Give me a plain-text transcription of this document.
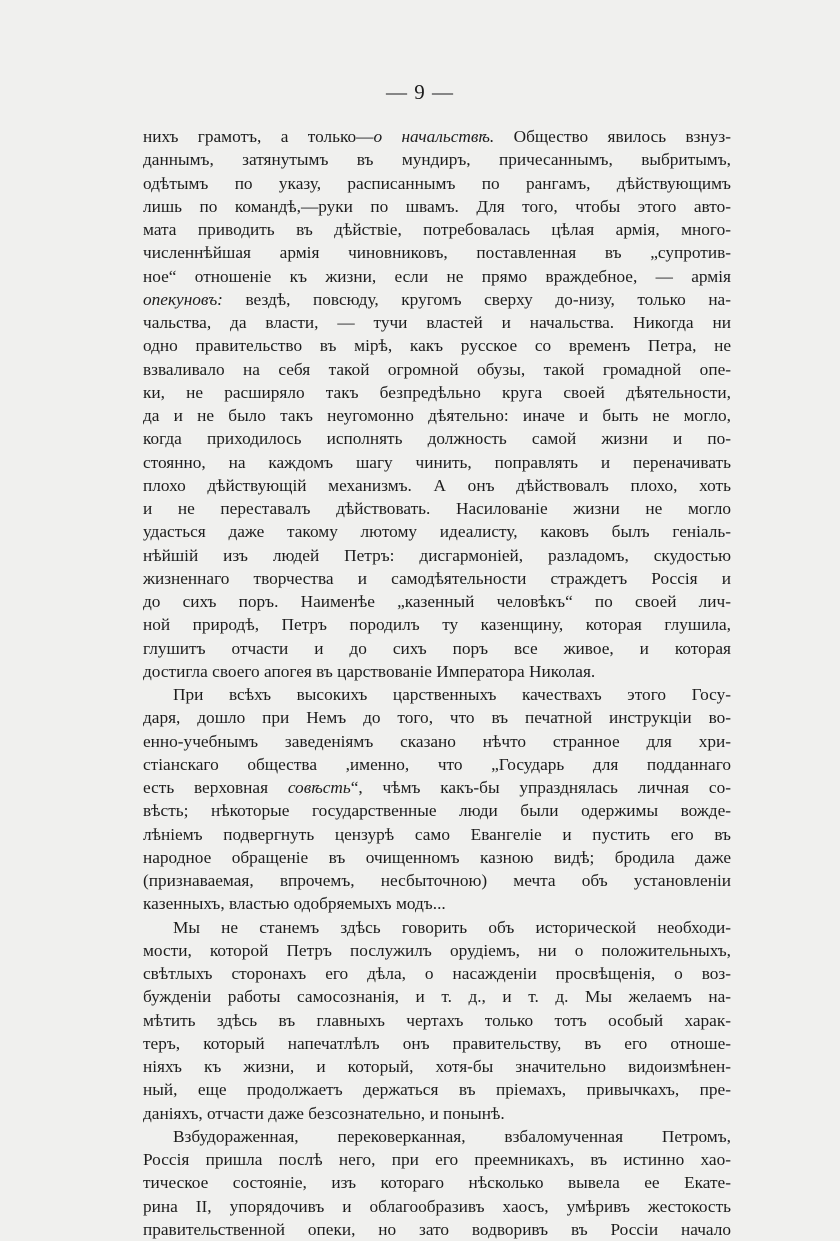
— 9 —
нихъ грамотъ, а только—о начальствѣ. Общество явилось взнуз-
даннымъ, затянутымъ въ мундиръ, причесаннымъ, выбритымъ,
одѣтымъ по указу, расписаннымъ по рангамъ, дѣйствующимъ
лишь по командѣ,—руки по швамъ. Для того, чтобы этого авто-
мата приводить въ дѣйствіе, потребовалась цѣлая армія, много-
численнѣйшая армія чиновниковъ, поставленная въ „супротив-
ное“ отношеніе къ жизни, если не прямо враждебное, — армія
опекуновъ: вездѣ, повсюду, кругомъ сверху до-низу, только на-
чальства, да власти, — тучи властей и начальства. Никогда ни
одно правительство въ мірѣ, какъ русское со временъ Петра, не
взваливало на себя такой огромной обузы, такой громадной опе-
ки, не расширяло такъ безпредѣльно круга своей дѣятельности,
да и не было такъ неугомонно дѣятельно: иначе и быть не могло,
когда приходилось исполнять должность самой жизни и по-
стоянно, на каждомъ шагу чинить, поправлять и переначивать
плохо дѣйствующій механизмъ. А онъ дѣйствовалъ плохо, хоть
и не переставалъ дѣйствовать. Насилованіе жизни не могло
удасться даже такому лютому идеалисту, каковъ былъ геніаль-
нѣйшій изъ людей Петръ: дисгармоніей, разладомъ, скудостью
жизненнаго творчества и самодѣятельности страждетъ Россія и
до сихъ поръ. Наименѣе „казенный человѣкъ“ по своей лич-
ной природѣ, Петръ породилъ ту казенщину, которая глушила,
глушитъ отчасти и до сихъ поръ все живое, и которая
достигла своего апогея въ царствованіе Императора Николая.
При всѣхъ высокихъ царственныхъ качествахъ этого Госу-
даря, дошло при Немъ до того, что въ печатной инструкціи во-
енно-учебнымъ заведеніямъ сказано нѣчто странное для хри-
стіанскаго общества ,именно, что „Государь для подданнаго
есть верховная совѣсть“, чѣмъ какъ-бы упразднялась личная со-
вѣсть; нѣкоторые государственные люди были одержимы вожде-
лѣніемъ подвергнуть цензурѣ само Евангеліе и пустить его въ
народное обращеніе въ очищенномъ казною видѣ; бродила даже
(признаваемая, впрочемъ, несбыточною) мечта объ установленіи
казенныхъ, властью одобряемыхъ модъ...
Мы не станемъ здѣсь говорить объ исторической необходи-
мости, которой Петръ послужилъ орудіемъ, ни о положительныхъ,
свѣтлыхъ сторонахъ его дѣла, о насажденіи просвѣщенія, о воз-
бужденіи работы самосознанія, и т. д., и т. д. Мы желаемъ на-
мѣтить здѣсь въ главныхъ чертахъ только тотъ особый харак-
теръ, который напечатлѣлъ онъ правительству, въ его отноше-
ніяхъ къ жизни, и который, хотя-бы значительно видоизмѣнен-
ный, еще продолжаетъ держаться въ пріемахъ, привычкахъ, пре-
даніяхъ, отчасти даже безсознательно, и понынѣ.
Взбудораженная, перековерканная, взбаломученная Петромъ,
Россія пришла послѣ него, при его преемникахъ, въ истинно хао-
тическое состояніе, изъ котораго нѣсколько вывела ее Екате-
рина II, упорядочивъ и облагообразивъ хаосъ, умѣривъ жестокость
правительственной опеки, но зато водворивъ въ Россіи начало
